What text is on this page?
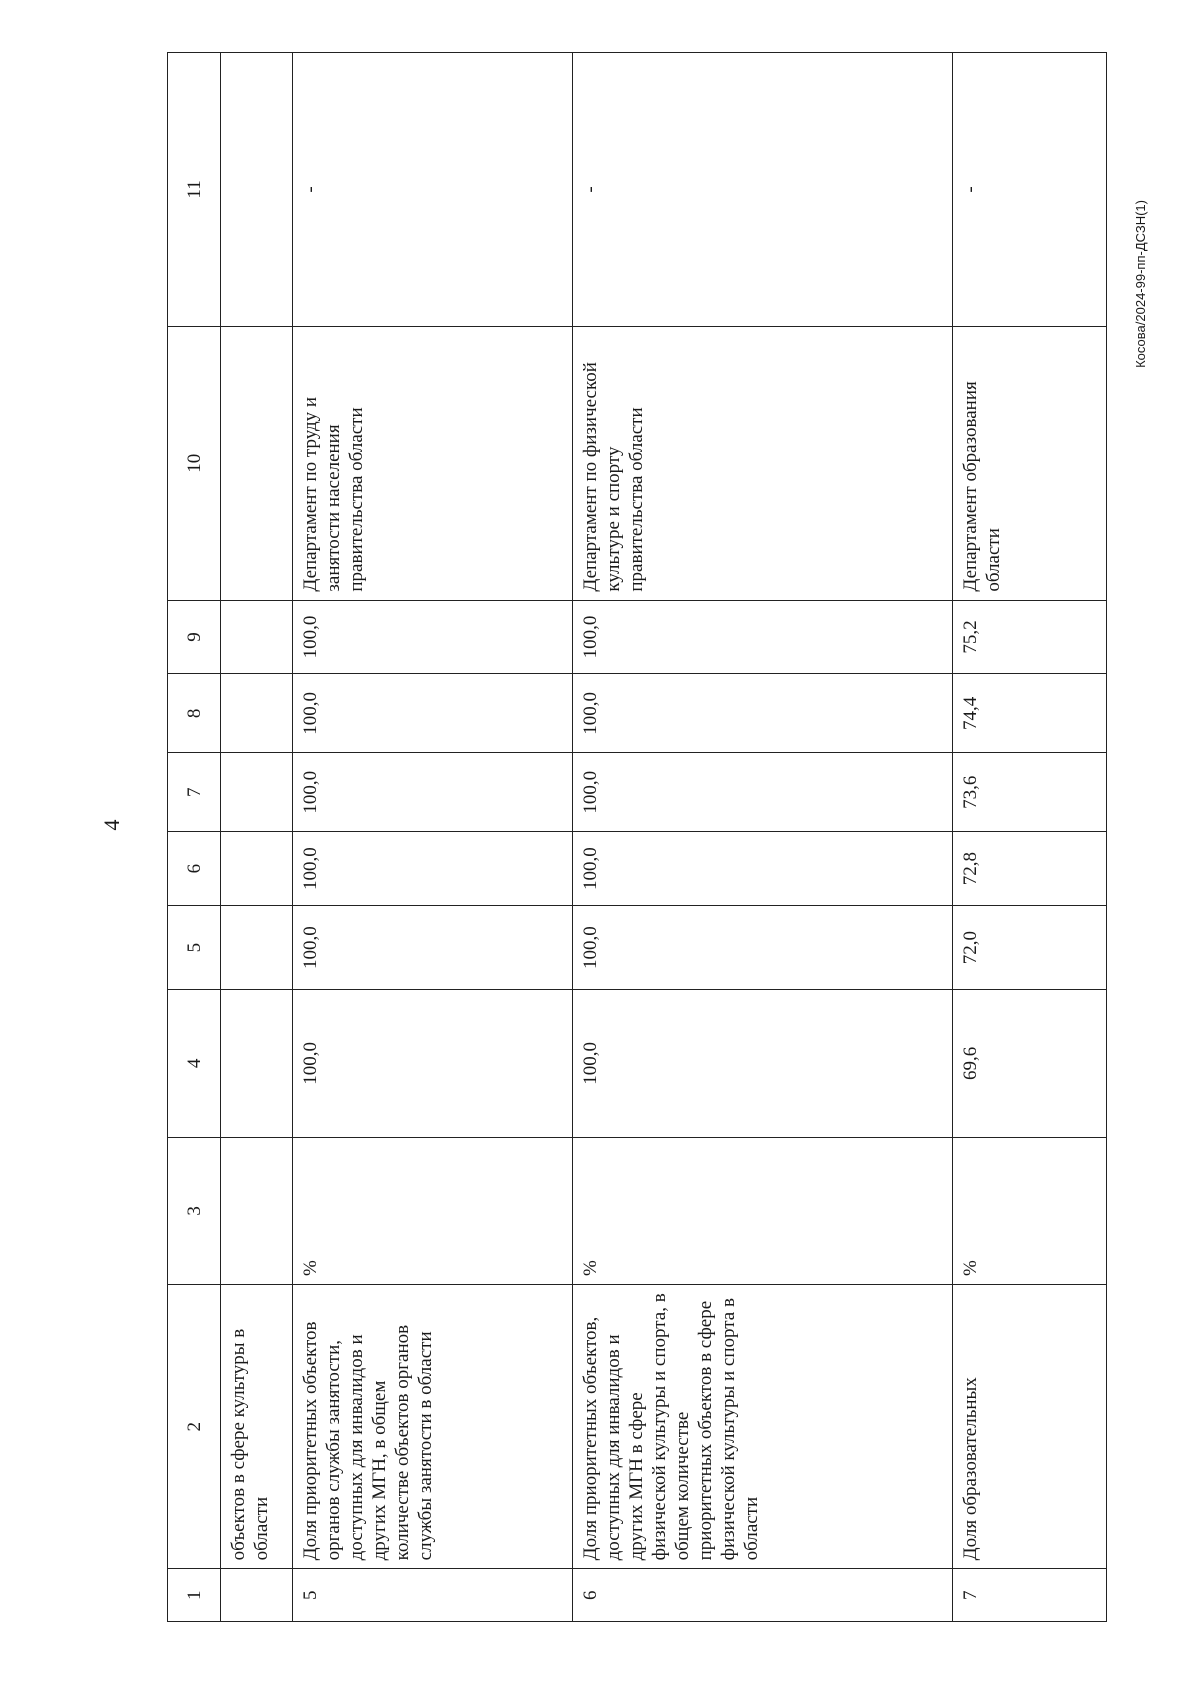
4
Косова/2024-99-пп-ДСЗН(1)
1	2	3	4	5	6	7	8	9	10	11
	объектов в сфере культуры в области									
5	Доля приоритетных объектов органов службы занятости, доступных для инвалидов и других МГН, в общем количестве объектов органов службы занятости в области	%	100,0	100,0	100,0	100,0	100,0	100,0	Департамент по труду и занятости населения правительства области	-
6	Доля приоритетных объектов, доступных для инвалидов и других МГН в сфере физической культуры и спорта, в общем количестве приоритетных объектов в сфере физической культуры и спорта в области	%	100,0	100,0	100,0	100,0	100,0	100,0	Департамент по физической культуре и спорту правительства области	-
7	Доля образовательных	%	69,6	72,0	72,8	73,6	74,4	75,2	Департамент образования области	-
